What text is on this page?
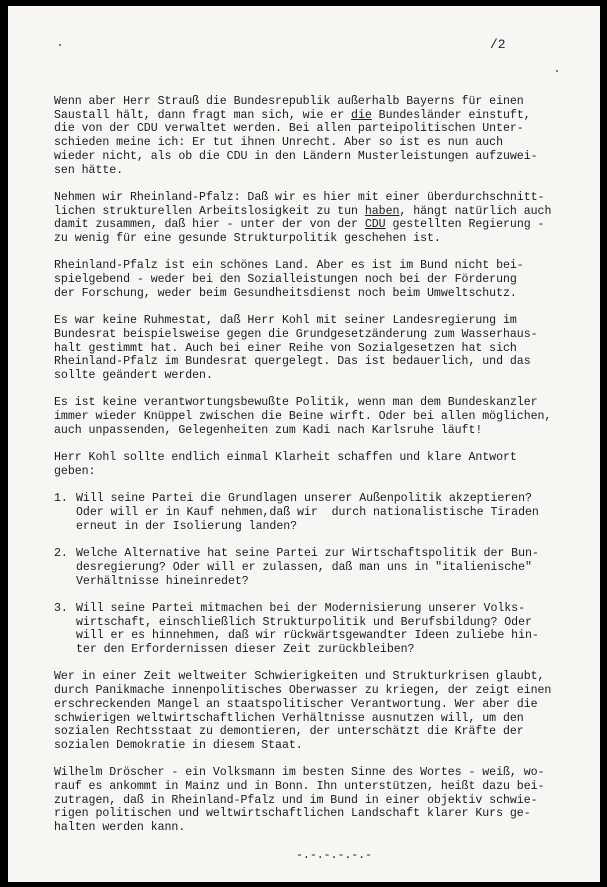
/2

Wenn aber Herr Strauß die Bundesrepublik außerhalb Bayerns für einen
Saustall hält, dann fragt man sich, wie er die Bundesländer einstuft,
die von der CDU verwaltet werden. Bei allen parteipolitischen Unter-
schieden meine ich: Er tut ihnen Unrecht. Aber so ist es nun auch
wieder nicht, als ob die CDU in den Ländern Musterleistungen aufzuwei-
sen hätte.

Nehmen wir Rheinland-Pfalz: Daß wir es hier mit einer überdurchschnitt-
lichen strukturellen Arbeitslosigkeit zu tun haben, hängt natürlich auch
damit zusammen, daß hier - unter der von der CDU gestellten Regierung -
zu wenig für eine gesunde Strukturpolitik geschehen ist.

Rheinland-Pfalz ist ein schönes Land. Aber es ist im Bund nicht bei-
spielgebend - weder bei den Sozialleistungen noch bei der Förderung
der Forschung, weder beim Gesundheitsdienst noch beim Umweltschutz.

Es war keine Ruhmestat, daß Herr Kohl mit seiner Landesregierung im
Bundesrat beispielsweise gegen die Grundgesetzänderung zum Wasserhaus-
halt gestimmt hat. Auch bei einer Reihe von Sozialgesetzen hat sich
Rheinland-Pfalz im Bundesrat quergelegt. Das ist bedauerlich, und das
sollte geändert werden.

Es ist keine verantwortungsbewußte Politik, wenn man dem Bundeskanzler
immer wieder Knüppel zwischen die Beine wirft. Oder bei allen möglichen,
auch unpassenden, Gelegenheiten zum Kadi nach Karlsruhe läuft!

Herr Kohl sollte endlich einmal Klarheit schaffen und klare Antwort
geben:

1. Will seine Partei die Grundlagen unserer Außenpolitik akzeptieren?
Oder will er in Kauf nehmen,daß wir  durch nationalistische Tiraden
erneut in der Isolierung landen?
2. Welche Alternative hat seine Partei zur Wirtschaftspolitik der Bun-
desregierung? Oder will er zulassen, daß man uns in "italienische"
Verhältnisse hineinredet?
3. Will seine Partei mitmachen bei der Modernisierung unserer Volks-
wirtschaft, einschließlich Strukturpolitik und Berufsbildung? Oder
will er es hinnehmen, daß wir rückwärtsgewandter Ideen zuliebe hin-
ter den Erfordernissen dieser Zeit zurückbleiben?

Wer in einer Zeit weltweiter Schwierigkeiten und Strukturkrisen glaubt,
durch Panikmache innenpolitisches Oberwasser zu kriegen, der zeigt einen
erschreckenden Mangel an staatspolitischer Verantwortung. Wer aber die
schwierigen weltwirtschaftlichen Verhältnisse ausnutzen will, um den
sozialen Rechtsstaat zu demontieren, der unterschätzt die Kräfte der
sozialen Demokratie in diesem Staat.

Wilhelm Dröscher - ein Volksmann im besten Sinne des Wortes - weiß, wo-
rauf es ankommt in Mainz und in Bonn. Ihn unterstützen, heißt dazu bei-
zutragen, daß in Rheinland-Pfalz und im Bund in einer objektiv schwie-
rigen politischen und weltwirtschaftlichen Landschaft klarer Kurs ge-
halten werden kann.

-.-.-.-.-.-
